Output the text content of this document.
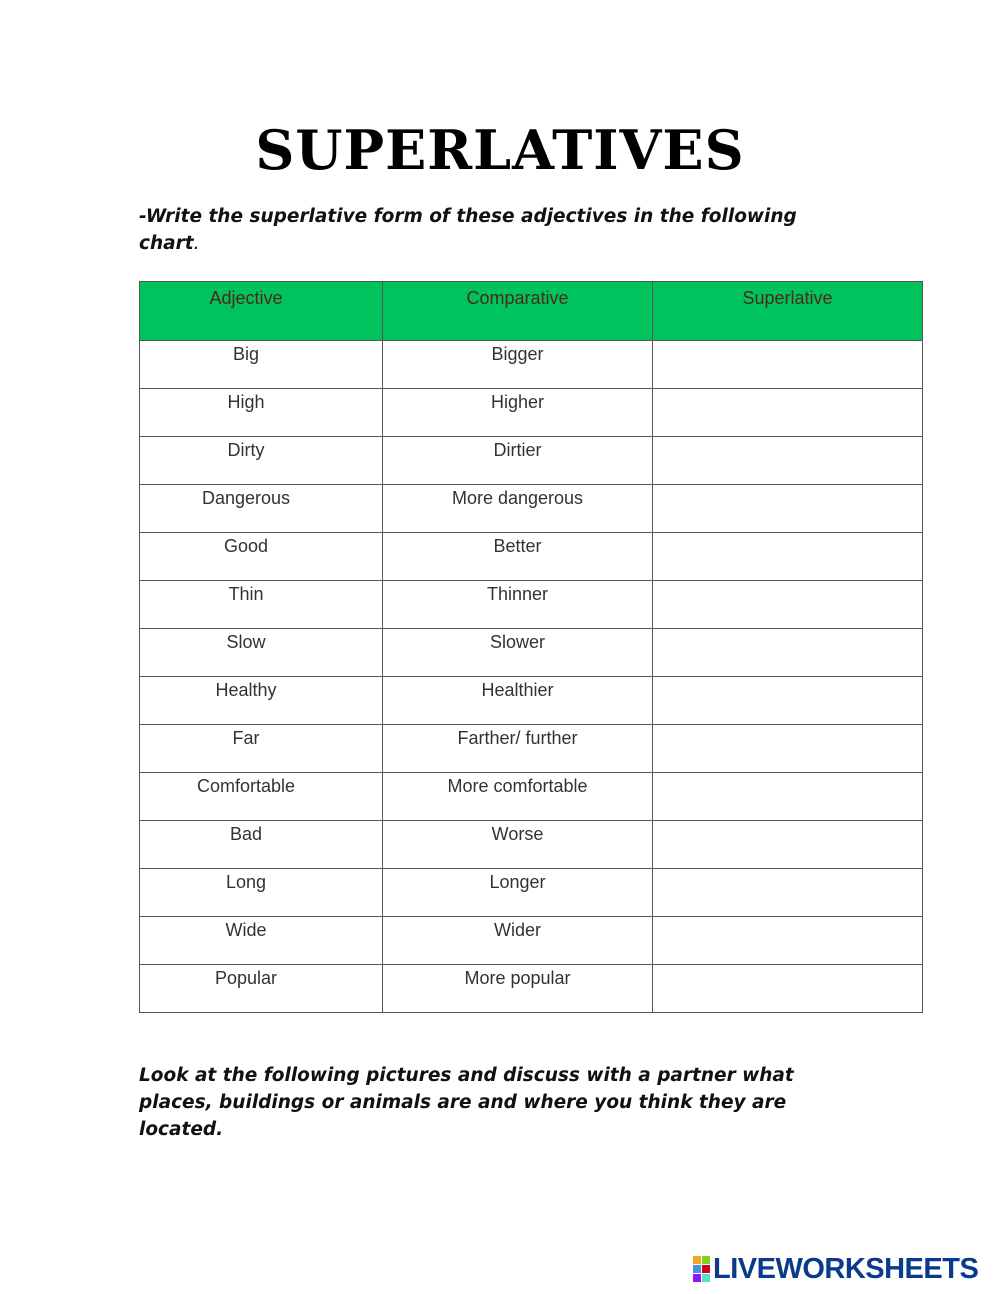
SUPERLATIVES
-Write the superlative form of these adjectives in the following chart.
Adjective	Comparative	Superlative
Big	Bigger	
High	Higher	
Dirty	Dirtier	
Dangerous	More dangerous	
Good	Better	
Thin	Thinner	
Slow	Slower	
Healthy	Healthier	
Far	Farther/ further	
Comfortable	More comfortable	
Bad	Worse	
Long	Longer	
Wide	Wider	
Popular	More popular	
Look at the following pictures and discuss with a partner what places, buildings or animals are and where you think they are located.
LIVEWORKSHEETS
